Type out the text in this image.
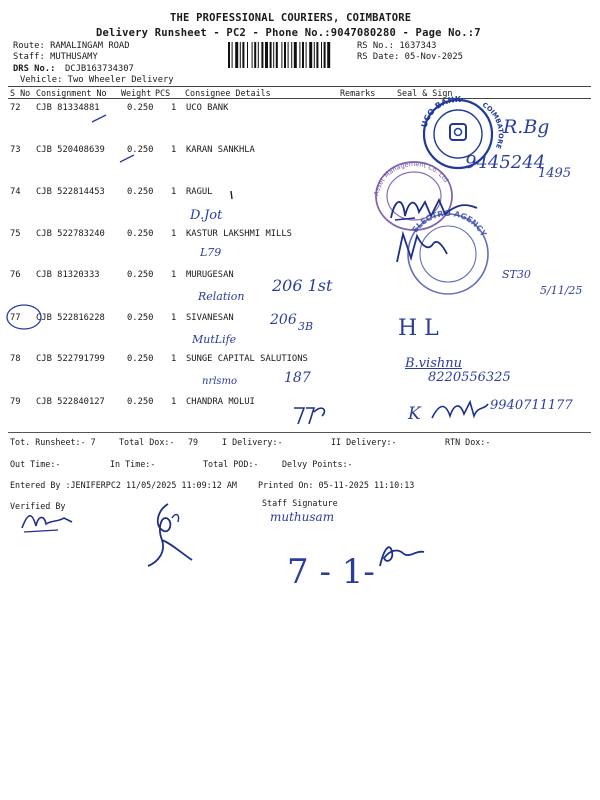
THE PROFESSIONAL COURIERS, COIMBATORE
Delivery Runsheet - PC2 - Phone No.:9047080280 - Page No.:7
Route: RAMALINGAM ROAD
Staff: MUTHUSAMY
DRS No.: DCJB163734307
Vehicle: Two Wheeler Delivery
RS No.: 1637343
RS Date: 05-Nov-2025
S No Consignment No Weight PCS Consignee Details	Remarks	Seal & Sign
72 CJB 81334881	0.250 1 UCO BANK
73 CJB 520408639	0.250 1 KARAN SANKHLA
74 CJB 522814453	0.250 1 RAGUL
75 CJB 522783240	0.250 1 KASTUR LAKSHMI MILLS
76 CJB 81320333	0.250 1 MURUGESAN
77 CJB 522816228	0.250 1 SIVANESAN
78 CJB 522791799	0.250 1 SUNGE CAPITAL SALUTIONS
79 CJB 522840127	0.250 1 CHANDRA MOLUI
Tot. Runsheet:- 7	Total Dox:- 79	I Delivery:-	II Delivery:-	RTN Dox:-
Out Time:-	In Time:-	Total POD:-	Delvy Points:-
Entered By :JENIFERPC2 11/05/2025 11:09:12 AM	Printed On: 05-11-2025 11:10:13
Verified By	Staff Signature
UCO BANK
COIMBATORE
Asset Management Co. Ltd
ELECTRO AGENCY
R.Bg
9445244
1495
D.Jot
L79
Relation
206 1st
ST30
5/11/25
206 3B
MutLife	H L
B.vishnu
8220556325
nrlsmo	187
K	9940711177
muthusam
7 - 1-
